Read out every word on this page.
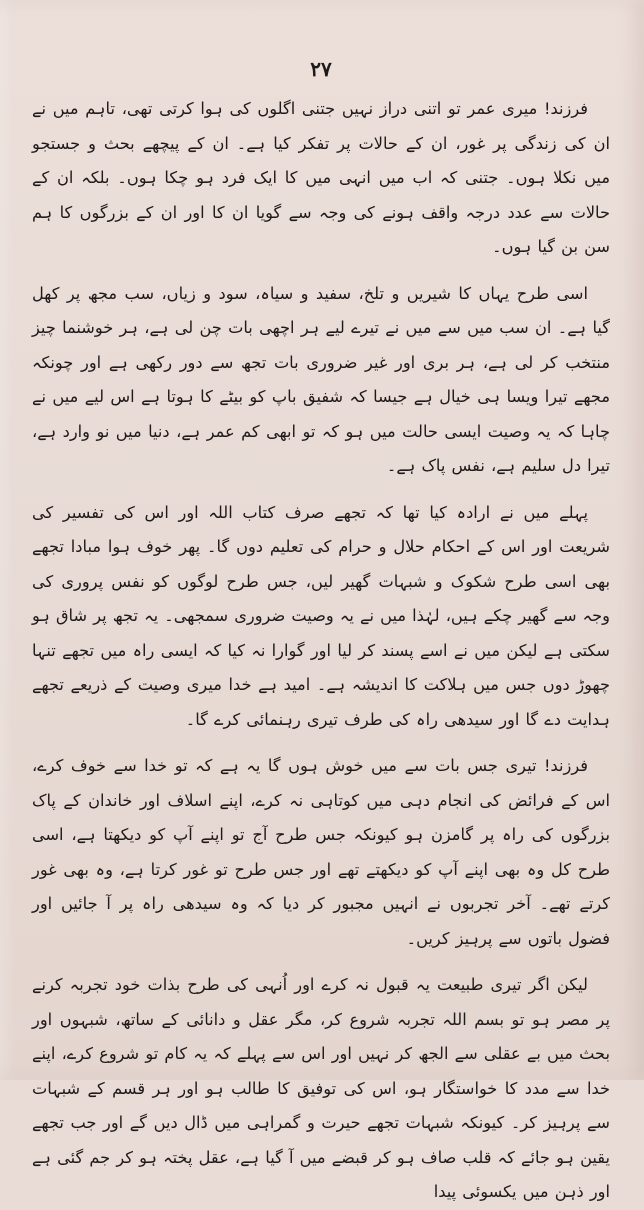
۲۷

فرزند! میری عمر تو اتنی دراز نہیں جتنی اگلوں کی ہوا کرتی تھی، تاہم میں نے ان کی زندگی پر غور، ان کے حالات پر تفکر کیا ہے۔ ان کے پیچھے بحث و جستجو میں نکلا ہوں۔ جتنی کہ اب میں انہی میں کا ایک فرد ہو چکا ہوں۔ بلکہ ان کے حالات سے عدد درجہ واقف ہونے کی وجہ سے گویا ان کا اور ان کے بزرگوں کا ہم سن بن گیا ہوں۔

اسی طرح یہاں کا شیریں و تلخ، سفید و سیاہ، سود و زیاں، سب مجھ پر کھل گیا ہے۔ ان سب میں سے میں نے تیرے لیے ہر اچھی بات چن لی ہے، ہر خوشنما چیز منتخب کر لی ہے، ہر بری اور غیر ضروری بات تجھ سے دور رکھی ہے اور چونکہ مجھے تیرا ویسا ہی خیال ہے جیسا کہ شفیق باپ کو بیٹے کا ہوتا ہے اس لیے میں نے چاہا کہ یہ وصیت ایسی حالت میں ہو کہ تو ابھی کم عمر ہے، دنیا میں نو وارد ہے، تیرا دل سلیم ہے، نفس پاک ہے۔

پہلے میں نے ارادہ کیا تھا کہ تجھے صرف کتاب اللہ اور اس کی تفسیر کی شریعت اور اس کے احکام حلال و حرام کی تعلیم دوں گا۔ پھر خوف ہوا مبادا تجھے بھی اسی طرح شکوک و شبہات گھیر لیں، جس طرح لوگوں کو نفس پروری کی وجہ سے گھیر چکے ہیں، لہٰذا میں نے یہ وصیت ضروری سمجھی۔ یہ تجھ پر شاق ہو سکتی ہے لیکن میں نے اسے پسند کر لیا اور گوارا نہ کیا کہ ایسی راہ میں تجھے تنہا چھوڑ دوں جس میں ہلاکت کا اندیشہ ہے۔ امید ہے خدا میری وصیت کے ذریعے تجھے ہدایت دے گا اور سیدھی راہ کی طرف تیری رہنمائی کرے گا۔

فرزند! تیری جس بات سے میں خوش ہوں گا یہ ہے کہ تو خدا سے خوف کرے، اس کے فرائض کی انجام دہی میں کوتاہی نہ کرے، اپنے اسلاف اور خاندان کے پاک بزرگوں کی راہ پر گامزن ہو کیونکہ جس طرح آج تو اپنے آپ کو دیکھتا ہے، اسی طرح کل وہ بھی اپنے آپ کو دیکھتے تھے اور جس طرح تو غور کرتا ہے، وہ بھی غور کرتے تھے۔ آخر تجربوں نے انہیں مجبور کر دیا کہ وہ سیدھی راہ پر آ جائیں اور فضول باتوں سے پرہیز کریں۔

لیکن اگر تیری طبیعت یہ قبول نہ کرے اور اُنہی کی طرح بذات خود تجربہ کرنے پر مصر ہو تو بسم اللہ تجربہ شروع کر، مگر عقل و دانائی کے ساتھ، شبہوں اور بحث میں بے عقلی سے الجھ کر نہیں اور اس سے پہلے کہ یہ کام تو شروع کرے، اپنے خدا سے مدد کا خواستگار ہو، اس کی توفیق کا طالب ہو اور ہر قسم کے شبہات سے پرہیز کر۔ کیونکہ شبہات تجھے حیرت و گمراہی میں ڈال دیں گے اور جب تجھے یقین ہو جائے کہ قلب صاف ہو کر قبضے میں آ گیا ہے، عقل پختہ ہو کر جم گئی ہے اور ذہن میں یکسوئی پیدا
